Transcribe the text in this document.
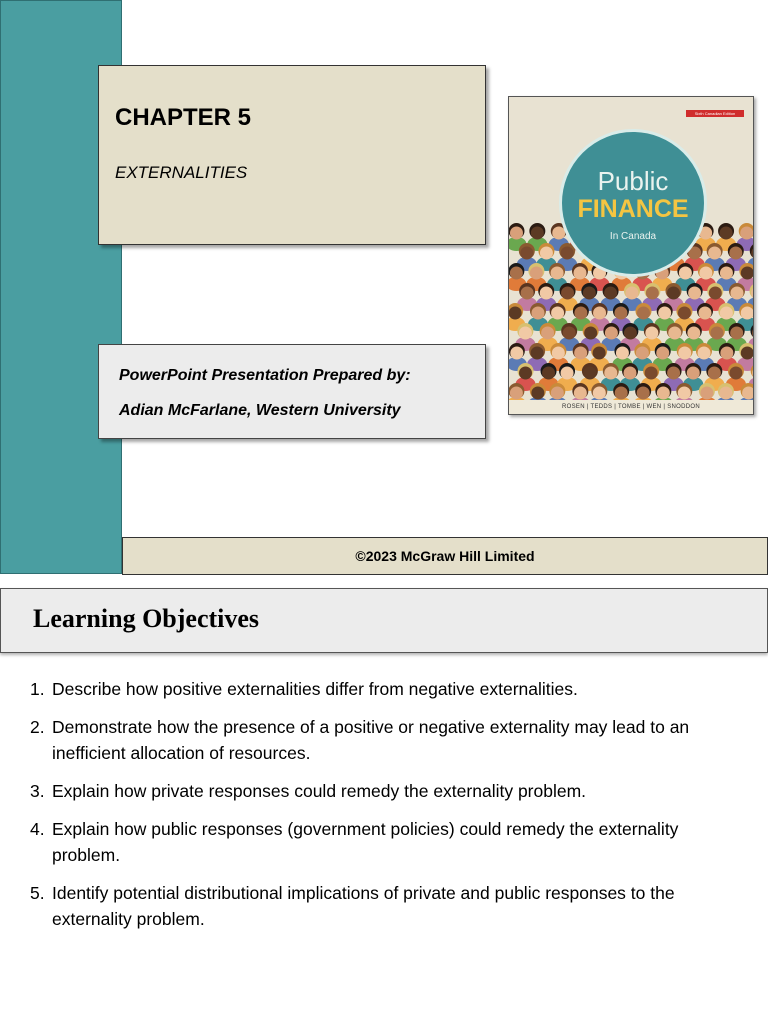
CHAPTER 5

EXTERNALITIES

Sixth Canadian Edition

Public

FINANCE

In Canada

ROSEN | TEDDS | TOMBE | WEN | SNODDON

PowerPoint Presentation Prepared by:

Adian McFarlane, Western University

©2023 McGraw Hill Limited
Learning Objectives
1. Describe how positive externalities differ from negative externalities.
2. Demonstrate how the presence of a positive or negative externality may lead to an inefficient allocation of resources.
3. Explain how private responses could remedy the externality problem.
4. Explain how public responses (government policies) could remedy the externality problem.
5. Identify potential distributional implications of private and public responses to the externality problem.
